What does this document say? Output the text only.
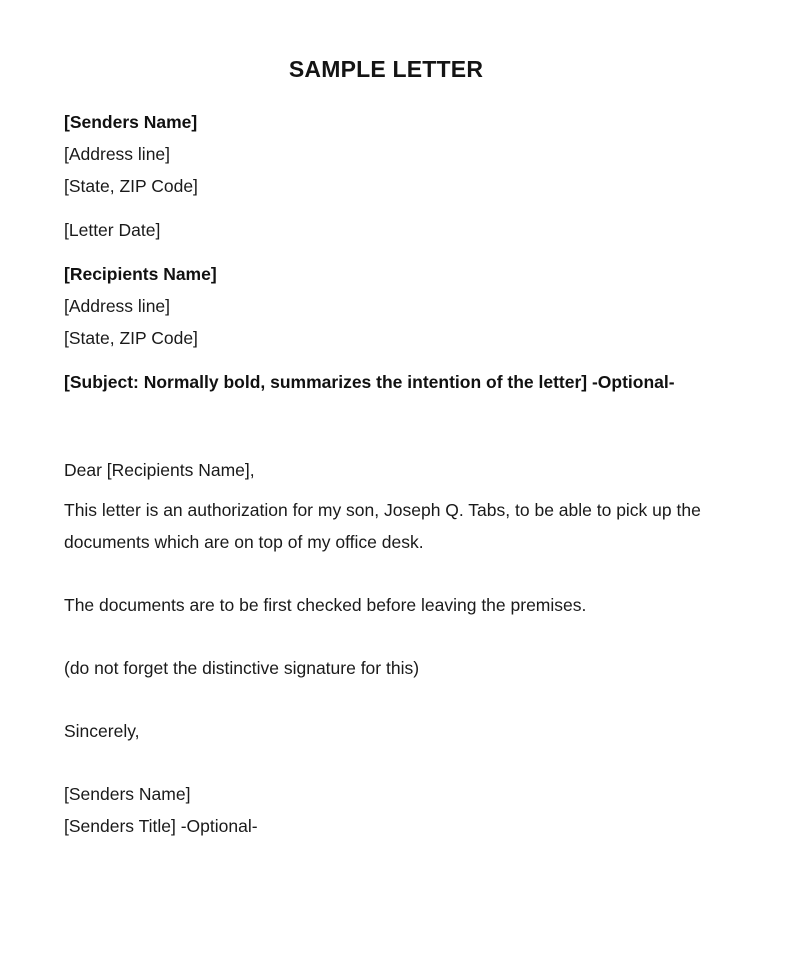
SAMPLE LETTER
[Senders Name]
[Address line]
[State, ZIP Code]
[Letter Date]
[Recipients Name]
[Address line]
[State, ZIP Code]
[Subject: Normally bold, summarizes the intention of the letter] -Optional-
Dear [Recipients Name],

This letter is an authorization for my son, Joseph Q. Tabs, to be able to pick up the documents which are on top of my office desk.

The documents are to be first checked before leaving the premises.

(do not forget the distinctive signature for this)

Sincerely,
[Senders Name]
[Senders Title] -Optional-
